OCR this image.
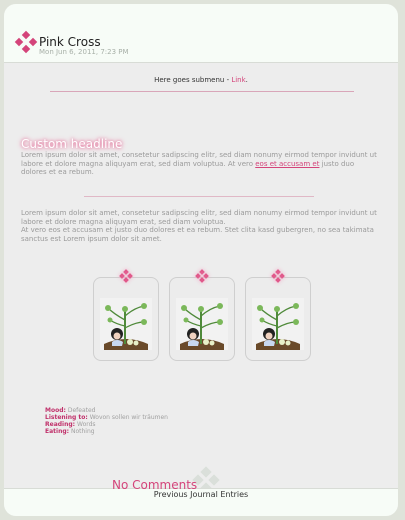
Pink Cross
Mon Jun 6, 2011, 7:23 PM
Here goes submenu - Link.
Custom headline
Lorem ipsum dolor sit amet, consetetur sadipscing elitr, sed diam nonumy eirmod tempor invidunt ut labore et dolore magna aliquyam erat, sed diam voluptua. At vero eos et accusam et justo duo dolores et ea rebum.
Lorem ipsum dolor sit amet, consetetur sadipscing elitr, sed diam nonumy eirmod tempor invidunt ut labore et dolore magna aliquyam erat, sed diam voluptua.
At vero eos et accusam et justo duo dolores et ea rebum. Stet clita kasd gubergren, no sea takimata sanctus est Lorem ipsum dolor sit amet.
Mood: Defeated
Listening to: Wovon sollen wir träumen
Reading: Words
Eating: Nothing
No Comments
Previous Journal Entries
